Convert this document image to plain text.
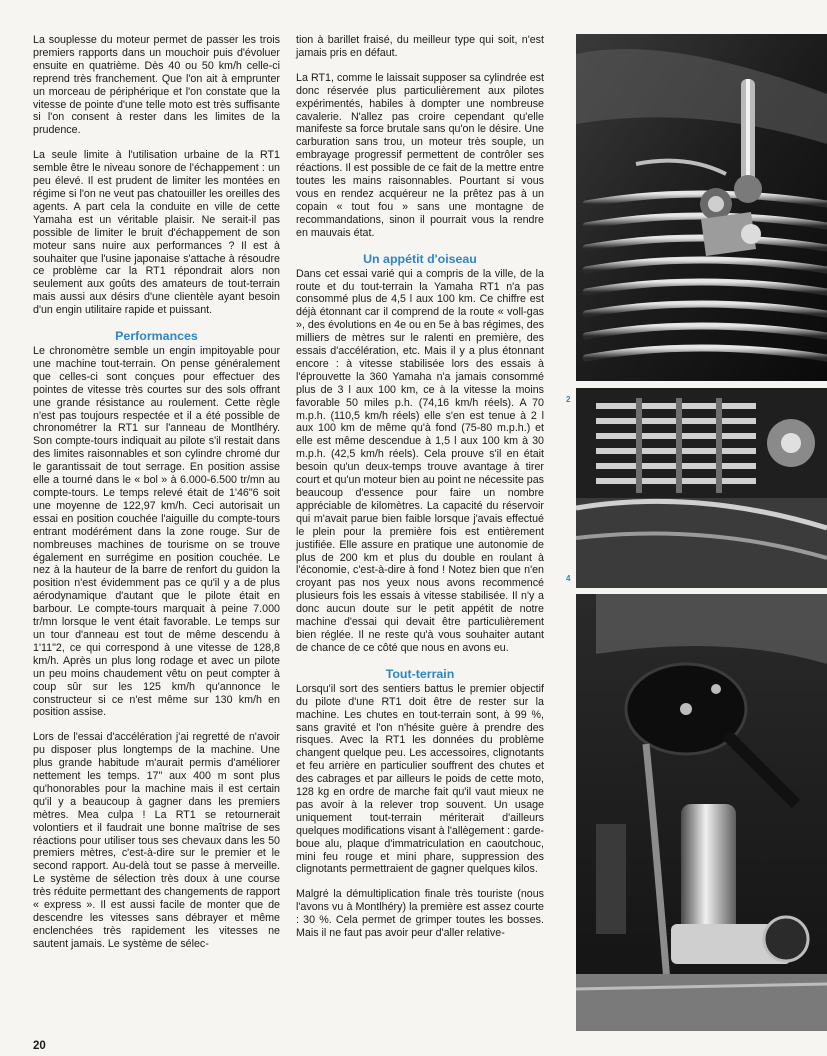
La souplesse du moteur permet de passer les trois premiers rapports dans un mouchoir puis d'évoluer ensuite en quatrième. Dès 40 ou 50 km/h celle-ci reprend très franchement. Que l'on ait à emprunter un morceau de périphérique et l'on constate que la vitesse de pointe d'une telle moto est très suffisante si l'on consent à rester dans les limites de la prudence.

La seule limite à l'utilisation urbaine de la RT1 semble être le niveau sonore de l'échappement : un peu élevé. Il est prudent de limiter les montées en régime si l'on ne veut pas chatouiller les oreilles des agents. A part cela la conduite en ville de cette Yamaha est un véritable plaisir. Ne serait-il pas possible de limiter le bruit d'échappement de son moteur sans nuire aux performances ? Il est à souhaiter que l'usine japonaise s'attache à résoudre ce problème car la RT1 répondrait alors non seulement aux goûts des amateurs de tout-terrain mais aussi aux désirs d'une clientèle ayant besoin d'un engin utilitaire rapide et puissant.

Performances

Le chronomètre semble un engin impitoyable pour une machine tout-terrain. On pense généralement que celles-ci sont conçues pour effectuer des pointes de vitesse très courtes sur des sols offrant une grande résistance au roulement. Cette règle n'est pas toujours respectée et il a été possible de chronométrer la RT1 sur l'anneau de Montlhéry. Son compte-tours indiquait au pilote s'il restait dans des limites raisonnables et son cylindre chromé dur le garantissait de tout serrage. En position assise elle a tourné dans le « bol » à 6.000-6.500 tr/mn au compte-tours. Le temps relevé était de 1'46"6 soit une moyenne de 122,97 km/h. Ceci autorisait un essai en position couchée l'aiguille du compte-tours entrant modérément dans la zone rouge. Sur de nombreuses machines de tourisme on se trouve également en surrégime en position couchée. Le nez à la hauteur de la barre de renfort du guidon la position n'est évidemment pas ce qu'il y a de plus aérodynamique d'autant que le pilote était en barbour. Le compte-tours marquait à peine 7.000 tr/mn lorsque le vent était favorable. Le temps sur un tour d'anneau est tout de même descendu à 1'11"2, ce qui correspond à une vitesse de 128,8 km/h. Après un plus long rodage et avec un pilote un peu moins chaudement vêtu on peut compter à coup sûr sur les 125 km/h qu'annonce le constructeur si ce n'est même sur 130 km/h en position assise.

Lors de l'essai d'accélération j'ai regretté de n'avoir pu disposer plus longtemps de la machine. Une plus grande habitude m'aurait permis d'améliorer nettement les temps. 17" aux 400 m sont plus qu'honorables pour la machine mais il est certain qu'il y a beaucoup à gagner dans les premiers mètres. Mea culpa ! La RT1 se retournerait volontiers et il faudrait une bonne maîtrise de ses réactions pour utiliser tous ses chevaux dans les 50 premiers mètres, c'est-à-dire sur le premier et le second rapport. Au-delà tout se passe à merveille. Le système de sélection très doux à une course très réduite permettant des changements de rapport « express ». Il est aussi facile de monter que de descendre les vitesses sans débrayer et même enclenchées très rapidement les vitesses ne sautent jamais. Le système de sélec-

tion à barillet fraisé, du meilleur type qui soit, n'est jamais pris en défaut.

La RT1, comme le laissait supposer sa cylindrée est donc réservée plus particulièrement aux pilotes expérimentés, habiles à dompter une nombreuse cavalerie. N'allez pas croire cependant qu'elle manifeste sa force brutale sans qu'on le désire. Une carburation sans trou, un moteur très souple, un embrayage progressif permettent de contrôler ses réactions. Il est possible de ce fait de la mettre entre toutes les mains raisonnables. Pourtant si vous vous en rendez acquéreur ne la prêtez pas à un copain « tout fou » sans une montagne de recommandations, sinon il pourrait vous la rendre en mauvais état.

Un appétit d'oiseau

Dans cet essai varié qui a compris de la ville, de la route et du tout-terrain la Yamaha RT1 n'a pas consommé plus de 4,5 l aux 100 km. Ce chiffre est déjà étonnant car il comprend de la route « voll-gas », des évolutions en 4e ou en 5e à bas régimes, des milliers de mètres sur le ralenti en première, des essais d'accélération, etc. Mais il y a plus étonnant encore : à vitesse stabilisée lors des essais à l'éprouvette la 360 Yamaha n'a jamais consommé plus de 3 l aux 100 km, ce à la vitesse la moins favorable 50 miles p.h. (74,16 km/h réels). A 70 m.p.h. (110,5 km/h réels) elle s'en est tenue à 2 l aux 100 km de même qu'à fond (75-80 m.p.h.) et elle est même descendue à 1,5 l aux 100 km à 30 m.p.h. (42,5 km/h réels). Cela prouve s'il en était besoin qu'un deux-temps trouve avantage à tirer court et qu'un moteur bien au point ne nécessite pas beaucoup d'essence pour faire un nombre appréciable de kilomètres. La capacité du réservoir qui m'avait parue bien faible lorsque j'avais effectué le plein pour la première fois est entièrement justifiée. Elle assure en pratique une autonomie de plus de 200 km et plus du double en roulant à l'économie, c'est-à-dire à fond ! Notez bien que n'en croyant pas nos yeux nous avons recommencé plusieurs fois les essais à vitesse stabilisée. Il n'y a donc aucun doute sur le petit appétit de notre machine d'essai qui devait être particulièrement bien réglée. Il ne reste qu'à vous souhaiter autant de chance de ce côté que nous en avons eu.

Tout-terrain

Lorsqu'il sort des sentiers battus le premier objectif du pilote d'une RT1 doit être de rester sur la machine. Les chutes en tout-terrain sont, à 99 %, sans gravité et l'on n'hésite guère à prendre des risques. Avec la RT1 les données du problème changent quelque peu. Les accessoires, clignotants et feu arrière en particulier souffrent des chutes et des cabrages et par ailleurs le poids de cette moto, 128 kg en ordre de marche fait qu'il vaut mieux ne pas avoir à la relever trop souvent. Un usage uniquement tout-terrain mériterait d'ailleurs quelques modifications visant à l'allègement : garde-boue alu, plaque d'immatriculation en caoutchouc, mini feu rouge et mini phare, suppression des clignotants permettraient de gagner quelques kilos.

Malgré la démultiplication finale très touriste (nous l'avons vu à Montlhéry) la première est assez courte : 30 %. Cela permet de grimper toutes les bosses. Mais il ne faut pas avoir peur d'aller relative-

2
4
20
